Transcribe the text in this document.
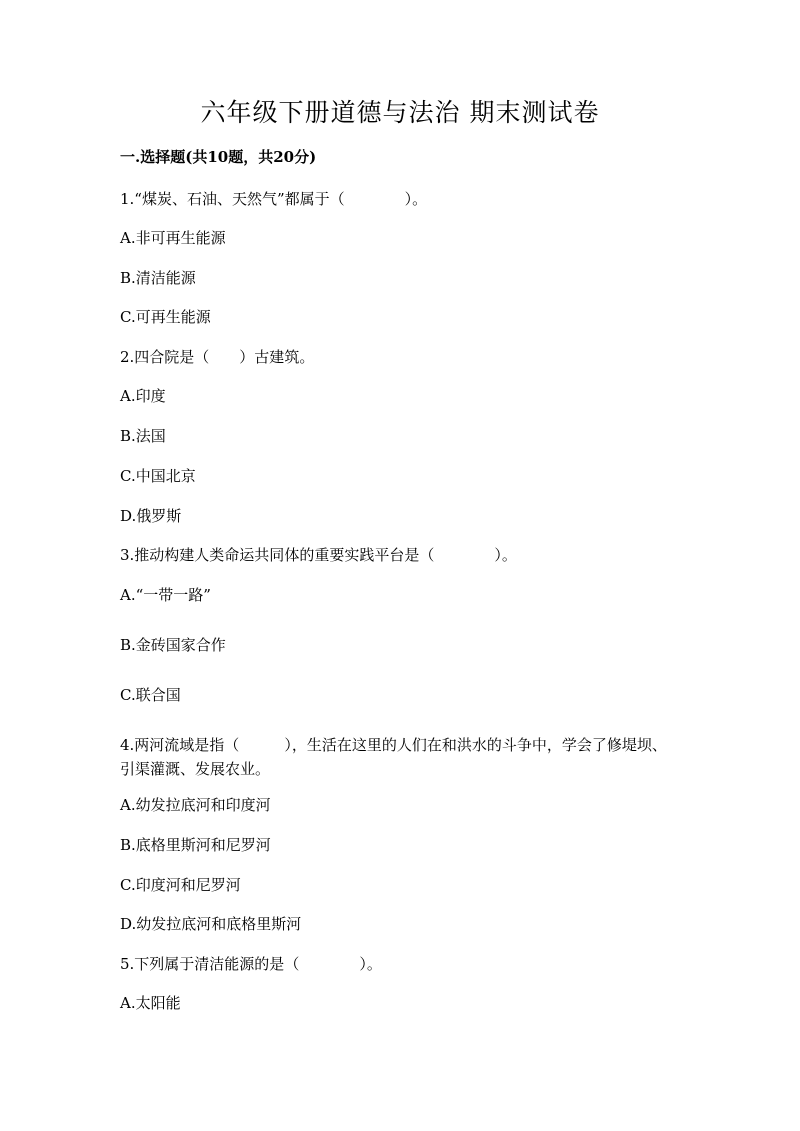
六年级下册道德与法治 期末测试卷
一.选择题(共10题，共20分)
1.“煤炭、石油、天然气”都属于（　　　　）。
A.非可再生能源
B.清洁能源
C.可再生能源
2.四合院是（　　）古建筑。
A.印度
B.法国
C.中国北京
D.俄罗斯
3.推动构建人类命运共同体的重要实践平台是（　　　　）。
A.“一带一路”
B.金砖国家合作
C.联合国
4.两河流域是指（　　　），生活在这里的人们在和洪水的斗争中，学会了修堤坝、引渠灌溉、发展农业。
A.幼发拉底河和印度河
B.底格里斯河和尼罗河
C.印度河和尼罗河
D.幼发拉底河和底格里斯河
5.下列属于清洁能源的是（　　　　）。
A.太阳能
